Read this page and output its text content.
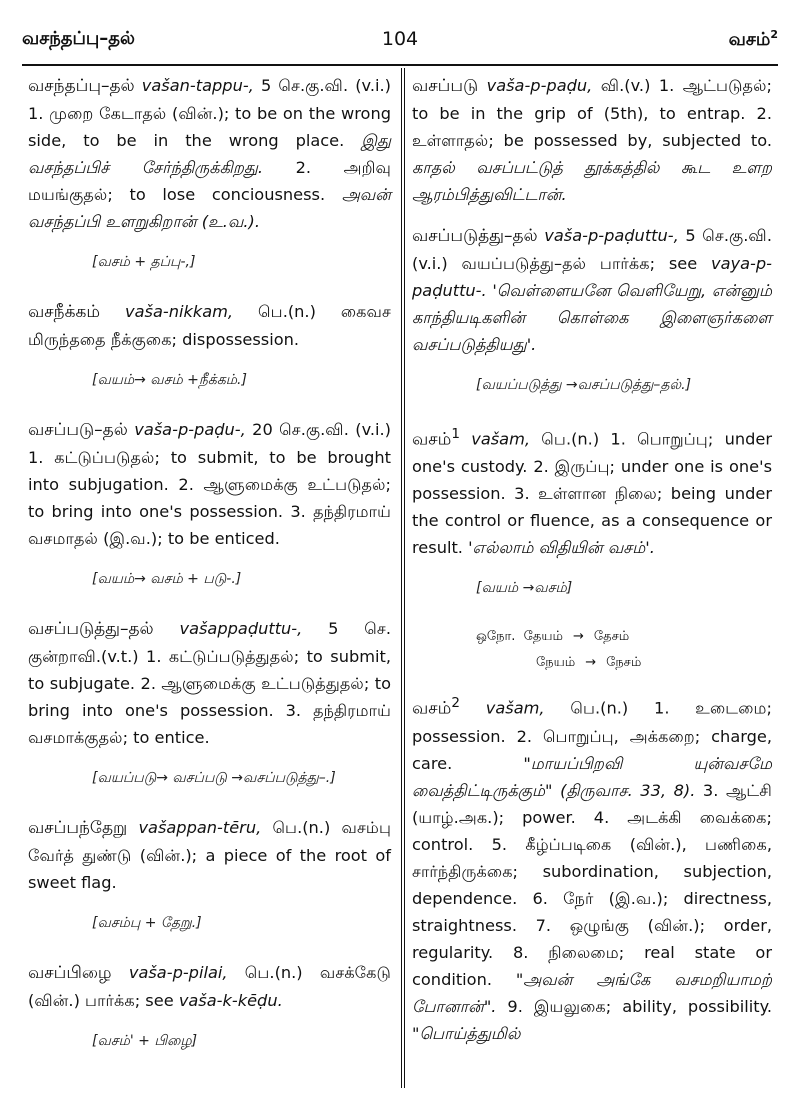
வசந்தப்பு–தல்	104	வசம்$^2$
வசந்தப்பு–தல் vašan-tappu-, 5 செ.கு.வி. (v.i.) 1. முறை கேடாதல் (வின்.); to be on the wrong side, to be in the wrong place. இது வசந்தப்பிச் சேர்ந்திருக்கிறது. 2. அறிவு மயங்குதல்; to lose conciousness. அவன் வசந்தப்பி உளறுகிறான் (உ.வ.).
[வசம் + தப்பு-,]
வசநீக்கம் vaša-nikkam, பெ.(n.) கைவச மிருந்ததை நீக்குகை; dispossession.
[வயம்→ வசம் +நீக்கம்.]
வசப்படு–தல் vaša-p-paḍu-, 20 செ.கு.வி. (v.i.) 1. கட்டுப்படுதல்; to submit, to be brought into subjugation. 2. ஆளுமைக்கு உட்படுதல்; to bring into one's possession. 3. தந்திரமாய் வசமாதல் (இ.வ.); to be enticed.
[வயம்→ வசம் + படு-.]
வசப்படுத்து–தல் vašappaḍuttu-, 5 செ. குன்றாவி.(v.t.) 1. கட்டுப்படுத்துதல்; to submit, to subjugate. 2. ஆளுமைக்கு உட்படுத்துதல்; to bring into one's possession. 3. தந்திரமாய் வசமாக்குதல்; to entice.
[வயப்படு→ வசப்படு →வசப்படுத்து–.]
வசப்பந்தேறு vašappan-tēru, பெ.(n.) வசம்பு வேர்த் துண்டு (வின்.); a piece of the root of sweet flag.
[வசம்பு + தேறு.]
வசப்பிழை vaša-p-pilai, பெ.(n.) வசக்கேடு (வின்.) பார்க்க; see vaša-k-kēḍu.
[வசம்' + பிழை]
வசப்படு vaša-p-paḍu, வி.(v.) 1. ஆட்படுதல்; to be in the grip of (5th), to entrap. 2. உள்ளாதல்; be possessed by, subjected to. காதல் வசப்பட்டுத் தூக்கத்தில் கூட உளற ஆரம்பித்துவிட்டான்.
வசப்படுத்து–தல் vaša-p-paḍuttu-, 5 செ.கு.வி. (v.i.) வயப்படுத்து–தல் பார்க்க; see vaya-p-paḍuttu-. 'வெள்ளையனே வெளியேறு, என்னும் காந்தியடிகளின் கொள்கை இளைஞர்களை வசப்படுத்தியது'.
[வயப்படுத்து →வசப்படுத்து–தல்.]
வசம்$^1$ vašam, பெ.(n.) 1. பொறுப்பு; under one's custody. 2. இருப்பு; under one is one's possession. 3. உள்ளான நிலை; being under the control or fluence, as a consequence or result. 'எல்லாம் விதியின் வசம்'.
[வயம் →வசம்]
ஒநோ. தேயம் → தேசம்
நேயம் → நேசம்
வசம்$^2$ vašam, பெ.(n.) 1. உடைமை; possession. 2. பொறுப்பு, அக்கறை; charge, care. "மாயப்பிறவி யுன்வசமே வைத்திட்டிருக்கும்" (திருவாச. 33, 8). 3. ஆட்சி (யாழ்.அக.); power. 4. அடக்கி வைக்கை; control. 5. கீழ்ப்படிகை (வின்.), பணிகை, சார்ந்திருக்கை; subordination, subjection, dependence. 6. நேர் (இ.வ.); directness, straightness. 7. ஒழுங்கு (வின்.); order, regularity. 8. நிலைமை; real state or condition. "அவன் அங்கே வசமறியாமற் போனான்". 9. இயலுகை; ability, possibility. "பொய்த்துமில்
